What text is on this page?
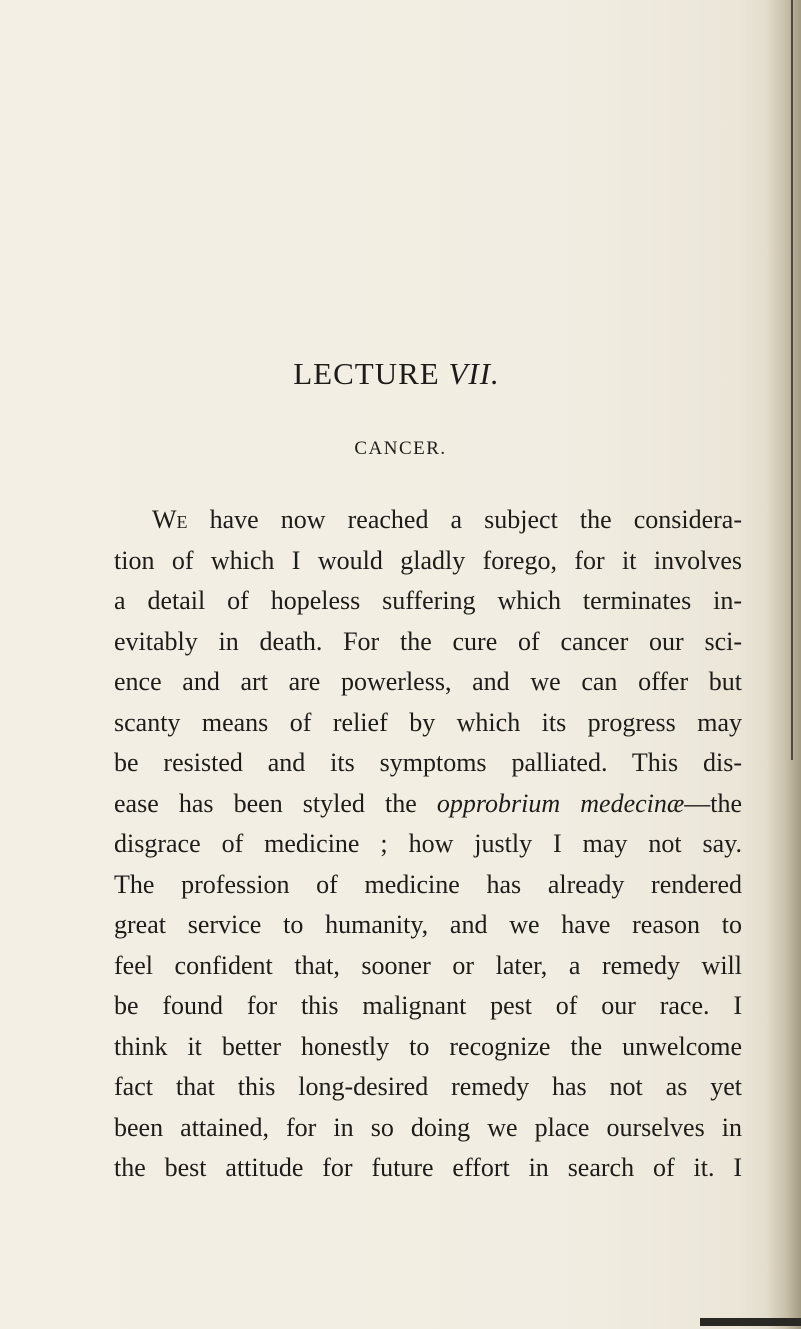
LECTURE VII.
CANCER.
We have now reached a subject the considera-
tion of which I would gladly forego, for it involves
a detail of hopeless suffering which terminates in-
evitably in death. For the cure of cancer our sci-
ence and art are powerless, and we can offer but
scanty means of relief by which its progress may
be resisted and its symptoms palliated. This dis-
ease has been styled the opprobrium medecinæ—the
disgrace of medicine ; how justly I may not say.
The profession of medicine has already rendered
great service to humanity, and we have reason to
feel confident that, sooner or later, a remedy will
be found for this malignant pest of our race. I
think it better honestly to recognize the unwelcome
fact that this long-desired remedy has not as yet
been attained, for in so doing we place ourselves in
the best attitude for future effort in search of it. I
